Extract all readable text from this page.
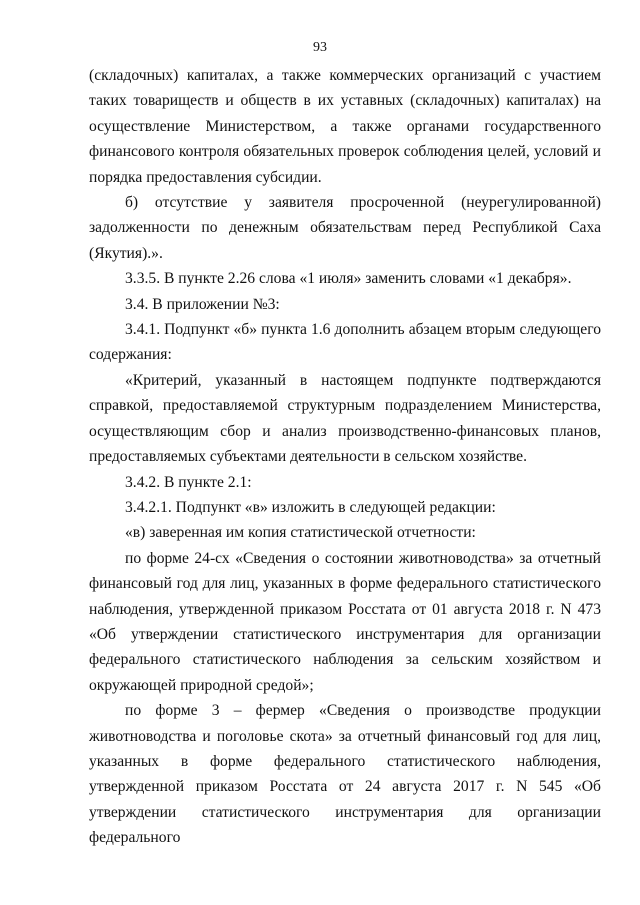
93

(складочных) капиталах, а также коммерческих организаций с участием таких товариществ и обществ в их уставных (складочных) капиталах) на осуществление Министерством, а также органами государственного финансового контроля обязательных проверок соблюдения целей, условий и порядка предоставления субсидии.

б) отсутствие у заявителя просроченной (неурегулированной) задолженности по денежным обязательствам перед Республикой Саха (Якутия).».

3.3.5. В пункте 2.26 слова «1 июля» заменить словами «1 декабря».

3.4. В приложении №3:

3.4.1. Подпункт «б» пункта 1.6 дополнить абзацем вторым следующего содержания:

«Критерий, указанный в настоящем подпункте подтверждаются справкой, предоставляемой структурным подразделением Министерства, осуществляющим сбор и анализ производственно-финансовых планов, предоставляемых субъектами деятельности в сельском хозяйстве.

3.4.2. В пункте 2.1:

3.4.2.1. Подпункт «в» изложить в следующей редакции:

«в) заверенная им копия статистической отчетности:

по форме 24-сх «Сведения о состоянии животноводства» за отчетный финансовый год для лиц, указанных в форме федерального статистического наблюдения, утвержденной приказом Росстата от 01 августа 2018 г. N 473 «Об утверждении статистического инструментария для организации федерального статистического наблюдения за сельским хозяйством и окружающей природной средой»;

по форме 3 – фермер «Сведения о производстве продукции животноводства и поголовье скота» за отчетный финансовый год для лиц, указанных в форме федерального статистического наблюдения, утвержденной приказом Росстата от 24 августа 2017 г. N 545 «Об утверждении статистического инструментария для организации федерального
